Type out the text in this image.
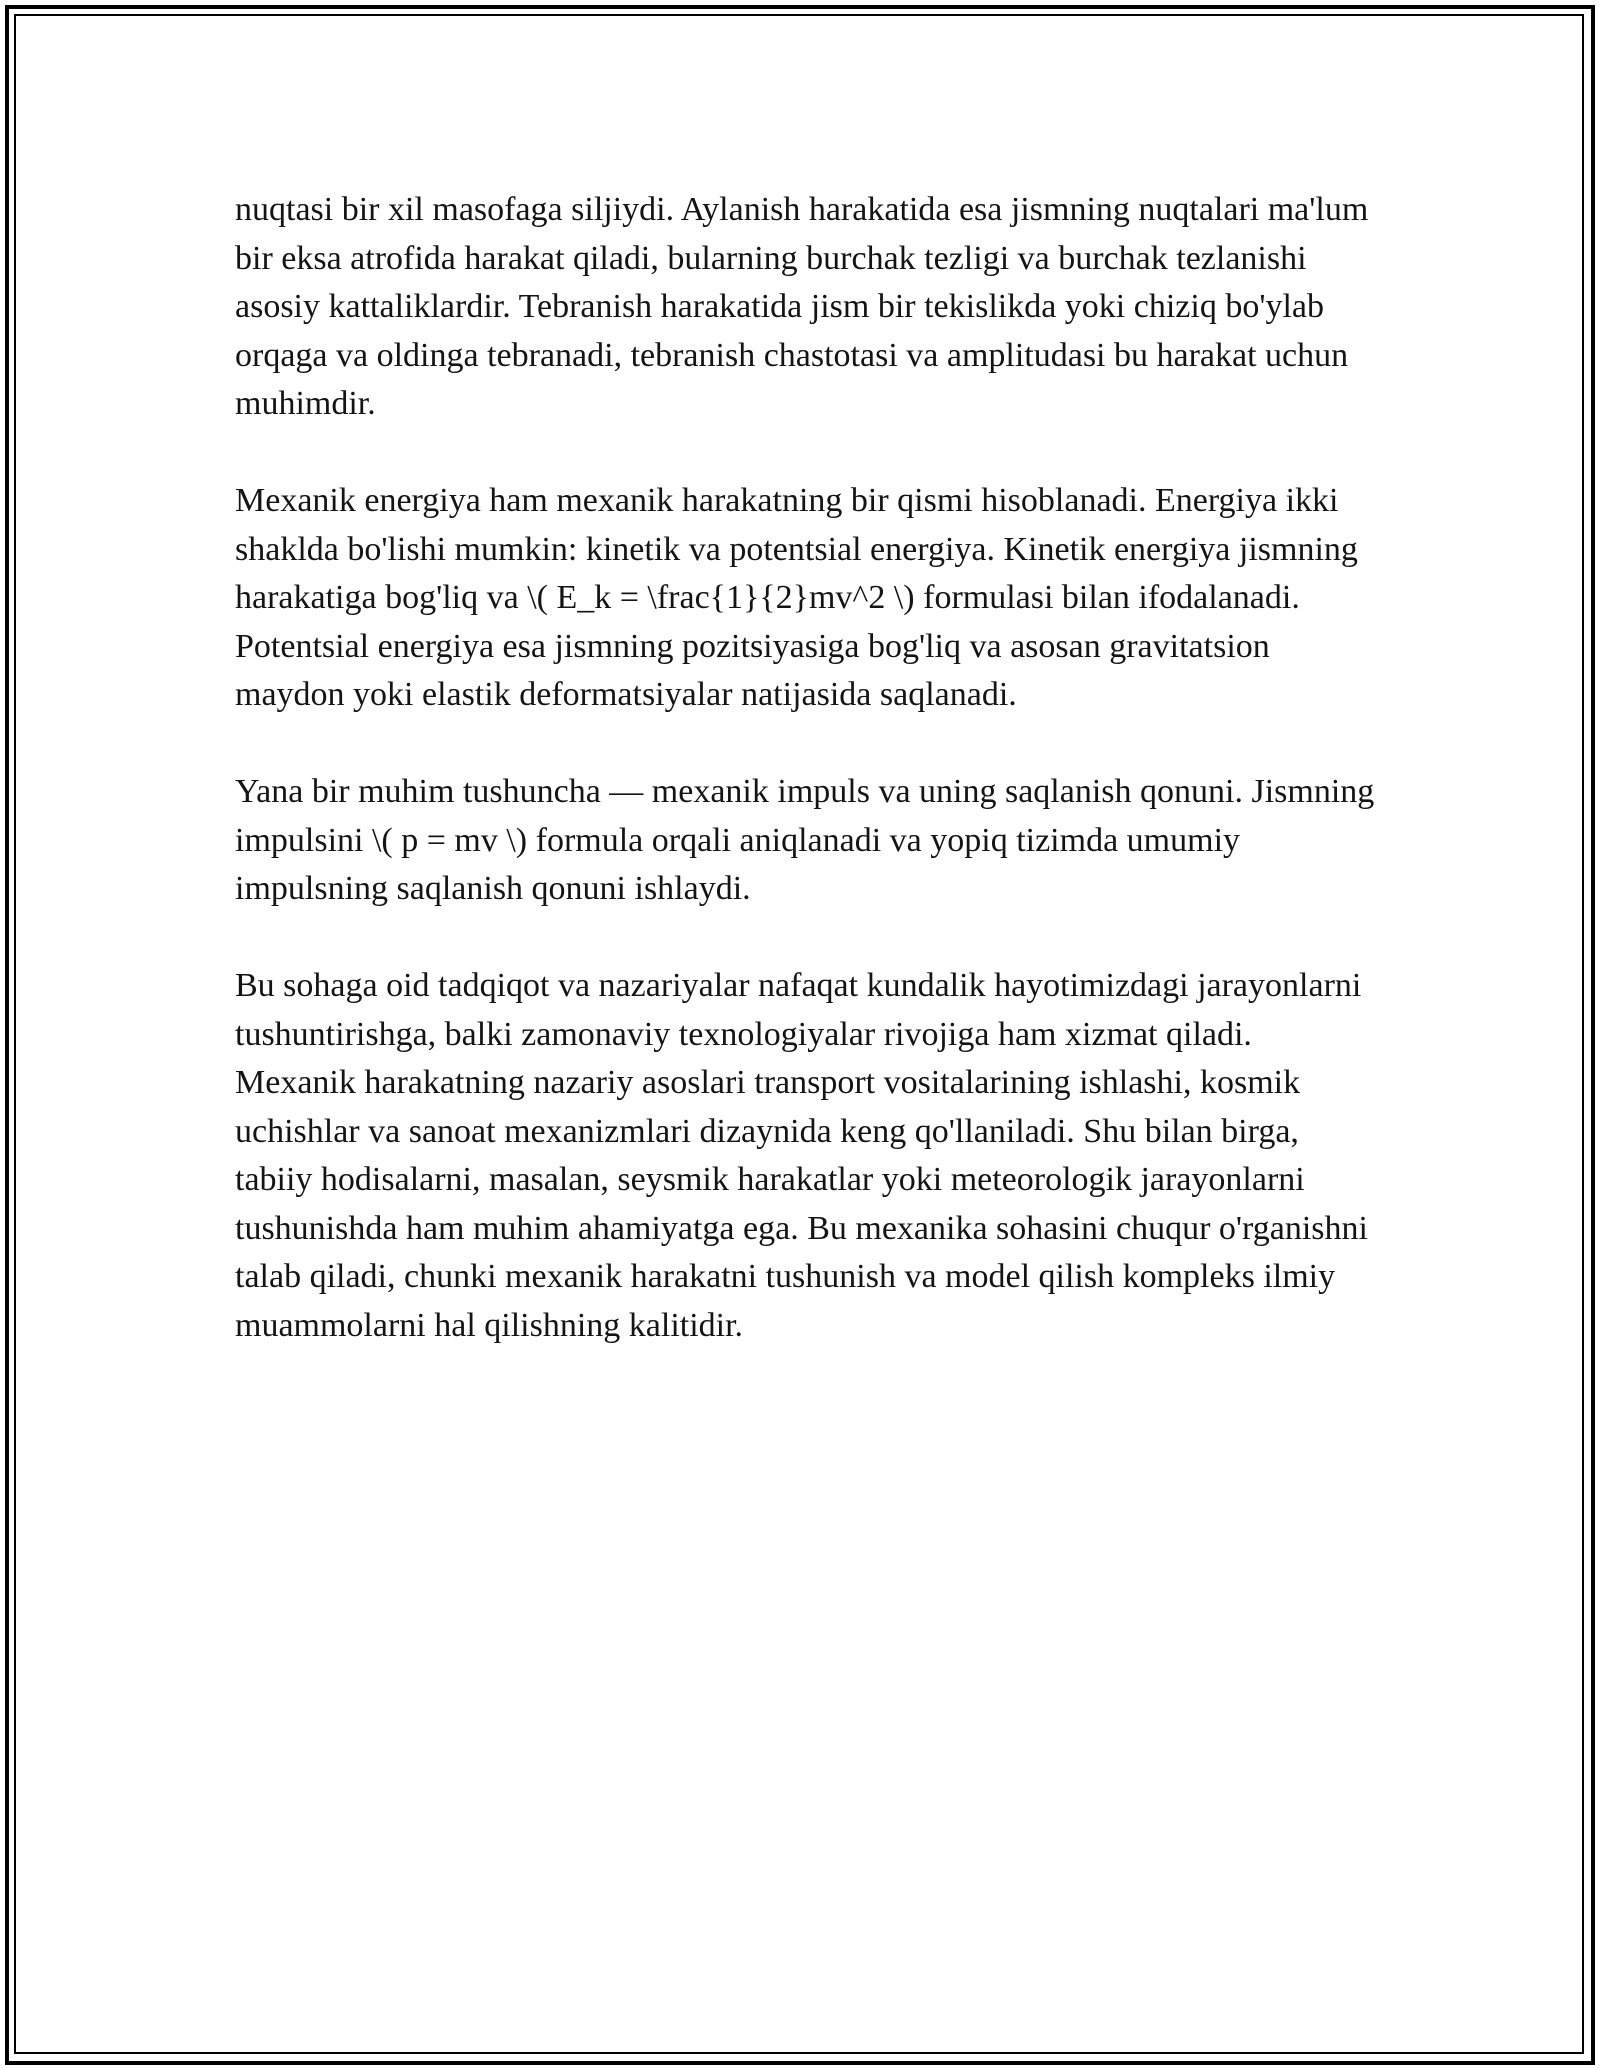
nuqtasi bir xil masofaga siljiydi. Aylanish harakatida esa jismning nuqtalari ma'lum bir eksa atrofida harakat qiladi, bularning burchak tezligi va burchak tezlanishi asosiy kattaliklardir. Tebranish harakatida jism bir tekislikda yoki chiziq bo'ylab orqaga va oldinga tebranadi, tebranish chastotasi va amplitudasi bu harakat uchun muhimdir.

Mexanik energiya ham mexanik harakatning bir qismi hisoblanadi. Energiya ikki shaklda bo'lishi mumkin: kinetik va potentsial energiya. Kinetik energiya jismning harakatiga bog'liq va \( E_k = \frac{1}{2}mv^2 \) formulasi bilan ifodalanadi. Potentsial energiya esa jismning pozitsiyasiga bog'liq va asosan gravitatsion maydon yoki elastik deformatsiyalar natijasida saqlanadi.

Yana bir muhim tushuncha — mexanik impuls va uning saqlanish qonuni. Jismning impulsini \( p = mv \) formula orqali aniqlanadi va yopiq tizimda umumiy impulsning saqlanish qonuni ishlaydi.

Bu sohaga oid tadqiqot va nazariyalar nafaqat kundalik hayotimizdagi jarayonlarni tushuntirishga, balki zamonaviy texnologiyalar rivojiga ham xizmat qiladi. Mexanik harakatning nazariy asoslari transport vositalarining ishlashi, kosmik uchishlar va sanoat mexanizmlari dizaynida keng qo'llaniladi. Shu bilan birga, tabiiy hodisalarni, masalan, seysmik harakatlar yoki meteorologik jarayonlarni tushunishda ham muhim ahamiyatga ega. Bu mexanika sohasini chuqur o'rganishni talab qiladi, chunki mexanik harakatni tushunish va model qilish kompleks ilmiy muammolarni hal qilishning kalitidir.
